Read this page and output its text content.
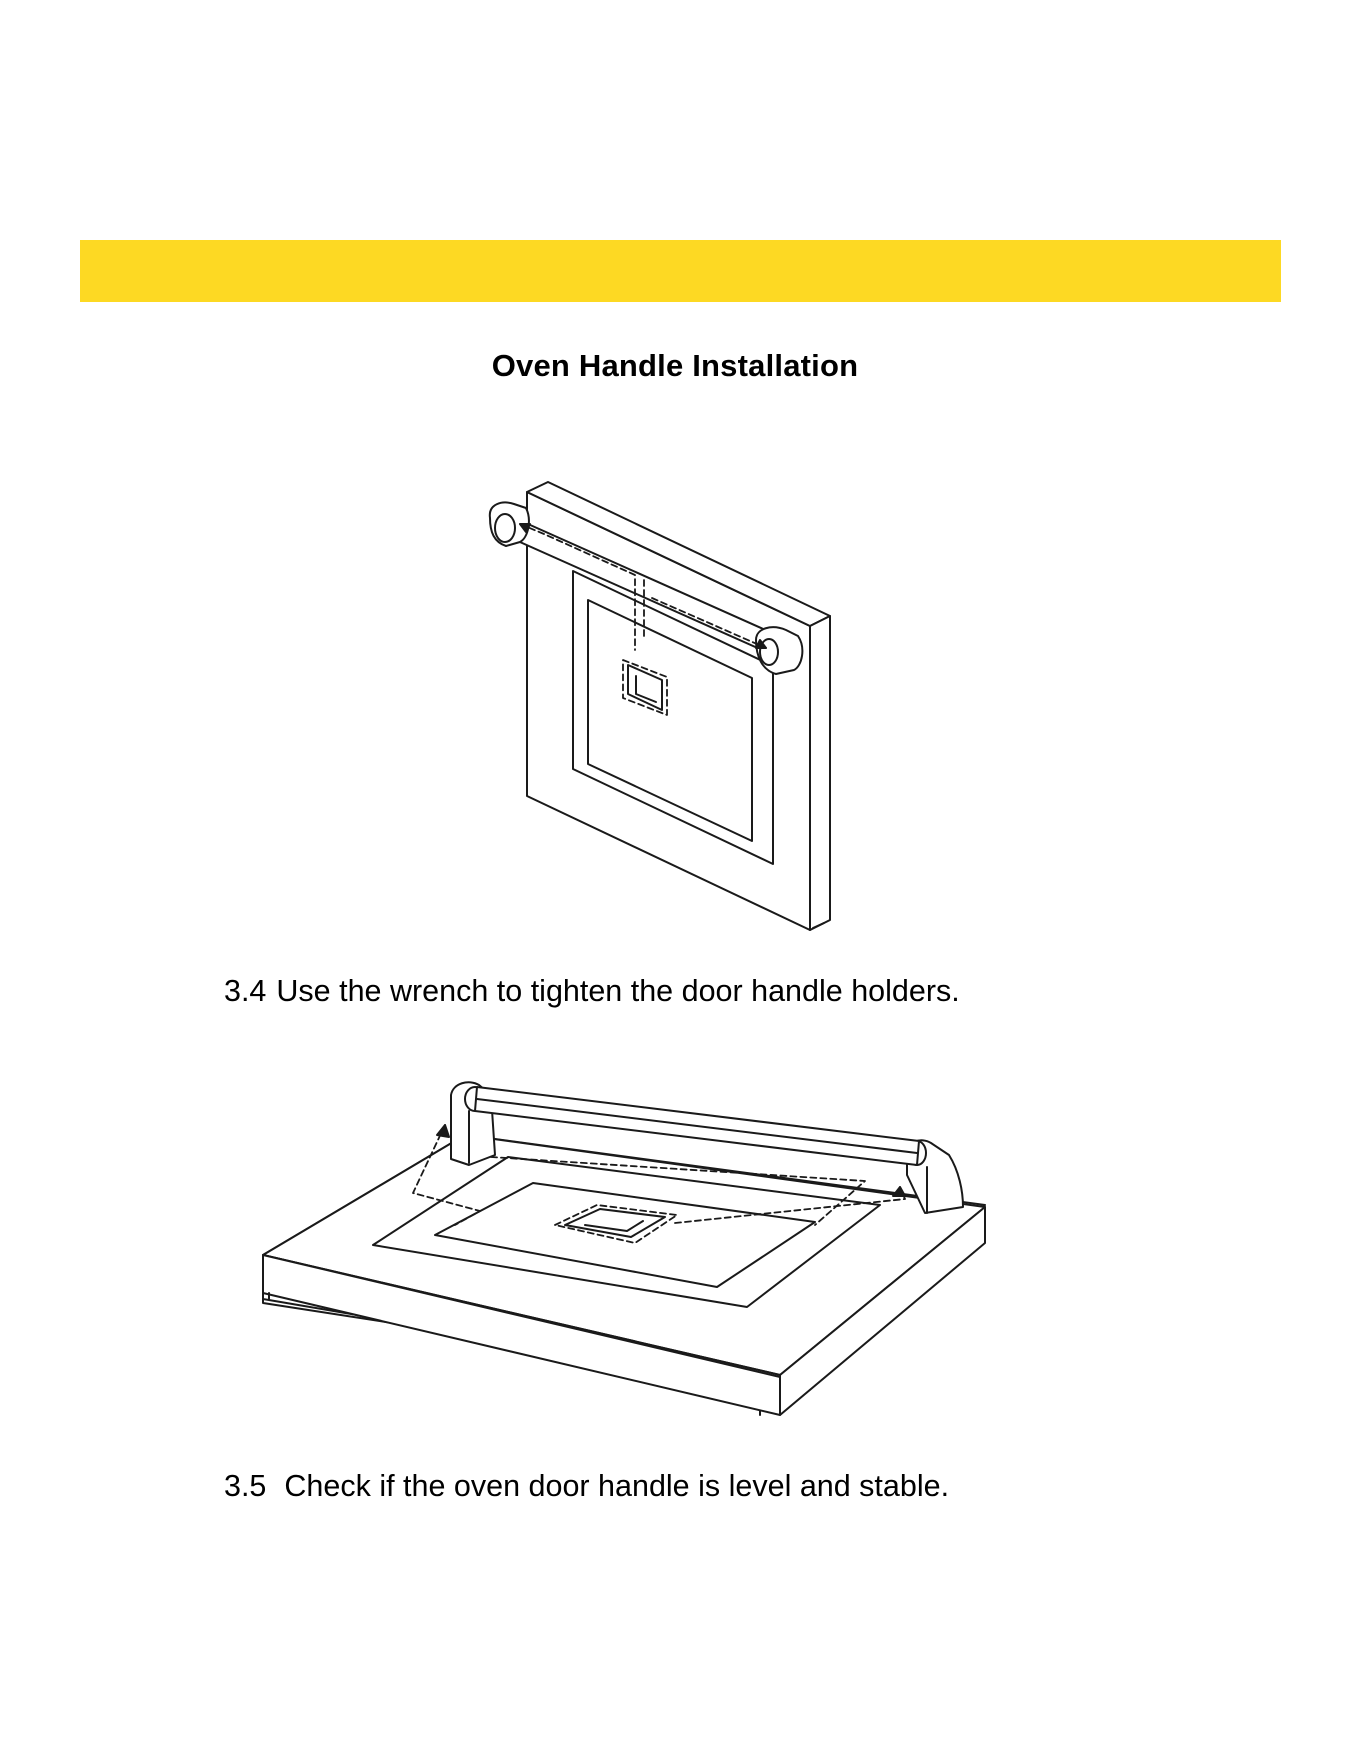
Oven Handle Installation
3.4 Use the wrench to tighten the door handle holders.
3.5 Check if the oven door handle is level and stable.
